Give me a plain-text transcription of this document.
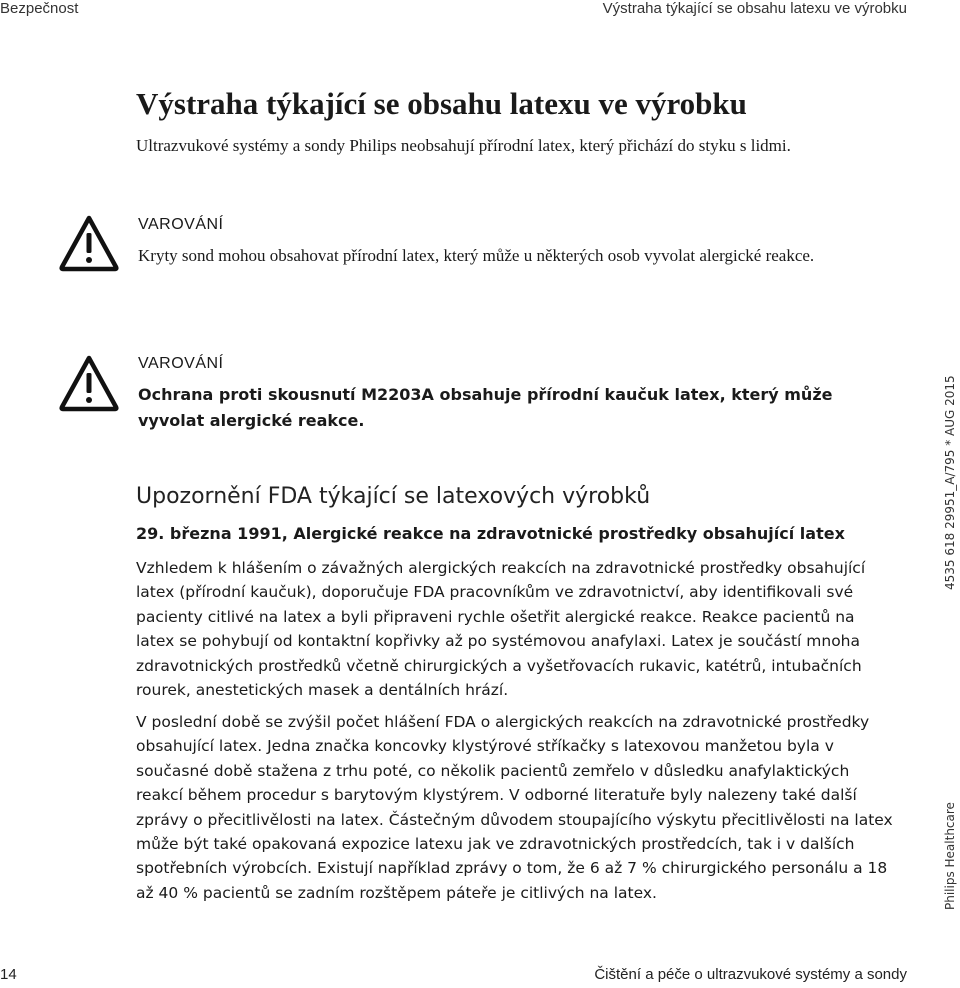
Bezpečnost	Výstraha týkající se obsahu latexu ve výrobku
Výstraha týkající se obsahu latexu ve výrobku

Ultrazvukové systémy a sondy Philips neobsahují přírodní latex, který přichází do styku s lidmi.

VAROVÁNÍ

Kryty sond mohou obsahovat přírodní latex, který může u některých osob vyvolat alergické reakce.

VAROVÁNÍ

Ochrana proti skousnutí M2203A obsahuje přírodní kaučuk latex, který může vyvolat alergické reakce.

Upozornění FDA týkající se latexových výrobků

29. března 1991, Alergické reakce na zdravotnické prostředky obsahující latex

Vzhledem k hlášením o závažných alergických reakcích na zdravotnické prostředky obsahující latex (přírodní kaučuk), doporučuje FDA pracovníkům ve zdravotnictví, aby identifikovali své pacienty citlivé na latex a byli připraveni rychle ošetřit alergické reakce. Reakce pacientů na latex se pohybují od kontaktní kopřivky až po systémovou anafylaxi. Latex je součástí mnoha zdravotnických prostředků včetně chirurgických a vyšetřovacích rukavic, katétrů, intubačních rourek, anestetických masek a dentálních hrází.

V poslední době se zvýšil počet hlášení FDA o alergických reakcích na zdravotnické prostředky obsahující latex. Jedna značka koncovky klystýrové stříkačky s latexovou manžetou byla v současné době stažena z trhu poté, co několik pacientů zemřelo v důsledku anafylaktických reakcí během procedur s barytovým klystýrem. V odborné literatuře byly nalezeny také další zprávy o přecitlivělosti na latex. Částečným důvodem stoupajícího výskytu přecitlivělosti na latex může být také opakovaná expozice latexu jak ve zdravotnických prostředcích, tak i v dalších spotřebních výrobcích. Existují například zprávy o tom, že 6 až 7 % chirurgického personálu a 18 až 40 % pacientů se zadním rozštěpem páteře je citlivých na latex.

4535 618 29951_A/795 * AUG 2015
Philips Healthcare
14	Čištění a péče o ultrazvukové systémy a sondy
